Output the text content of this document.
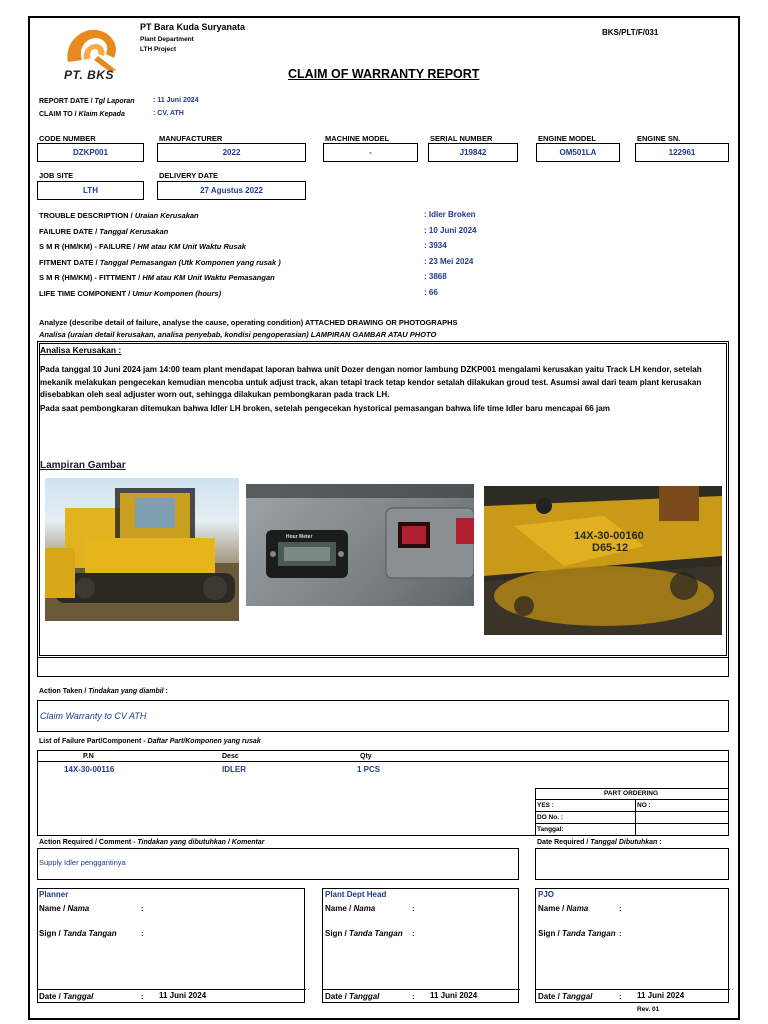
PT. BKS
PT Bara Kuda Suryanata
Plant Department
LTH Project
BKS/PLT/F/031
CLAIM OF WARRANTY REPORT
REPORT DATE / Tgl Laporan	: 11 Juni 2024
CLAIM TO / Klaim Kepada	: CV. ATH
CODE NUMBER
DZKP001
MANUFACTURER
2022
MACHINE MODEL
-
SERIAL NUMBER
J19842
ENGINE MODEL
OM501LA
ENGINE SN.
122961
JOB SITE
LTH
DELIVERY DATE
27 Agustus 2022
TROUBLE DESCRIPTION / Uraian Kerusakan	: Idler Broken
FAILURE DATE / Tanggal Kerusakan	: 10 Juni 2024
S M R (HM/KM) - FAILURE / HM atau KM Unit Waktu Rusak	: 3934
FITMENT DATE / Tanggal Pemasangan (Utk Komponen yang rusak )	: 23 Mei 2024
S M R (HM/KM) - FITTMENT / HM atau KM Unit Waktu Pemasangan	: 3868
LIFE TIME COMPONENT / Umur Komponen (hours)	: 66
Analyze (describe detail of failure, analyse the cause, operating condition) ATTACHED DRAWING OR PHOTOGRAPHS
Analisa (uraian detail kerusakan, analisa penyebab, kondisi pengoperasian) LAMPIRAN GAMBAR ATAU PHOTO
Analisa Kerusakan :
Pada tanggal 10 Juni 2024 jam 14:00 team plant mendapat laporan bahwa unit Dozer dengan nomor lambung DZKP001 mengalami kerusakan yaitu Track LH kendor, setelah mekanik melakukan pengecekan kemudian mencoba untuk adjust track, akan tetapi track tetap kendor setalah dilakukan groud test. Asumsi awal dari team plant kerusakan disebabkan oleh seal adjuster worn out, sehingga dilakukan pembongkaran pada track LH.
Pada saat pembongkaran ditemukan bahwa Idler LH broken, setelah pengecekan hystorical pemasangan bahwa life time Idler baru mencapai 66 jam
Lampiran Gambar
Hour Meter	14X-30-00160
D65-12
Action Taken / Tindakan yang diambil :
Claim Warranty to CV ATH
List of Failure Part/Component - Daftar Part/Komponen yang rusak
P.N	Desc	Qty
14X-30-00116	IDLER	1 PCS
PART ORDERING
YES :	NO :
DO No. :
Tanggal:
Action Required / Comment - Tindakan yang dibutuhkan / Komentar
Supply Idler penggantinya
Date Required / Tanggal Dibutuhkan :
Planner
Name / Nama	:
Sign / Tanda Tangan	:
Date / Tanggal	: 11 Juni 2024
Plant Dept Head
Name / Nama	:
Sign / Tanda Tangan :
Date / Tanggal	: 11 Juni 2024
PJO
Name / Nama	:
Sign / Tanda Tangan :
Date / Tanggal	: 11 Juni 2024
Rev. 01
